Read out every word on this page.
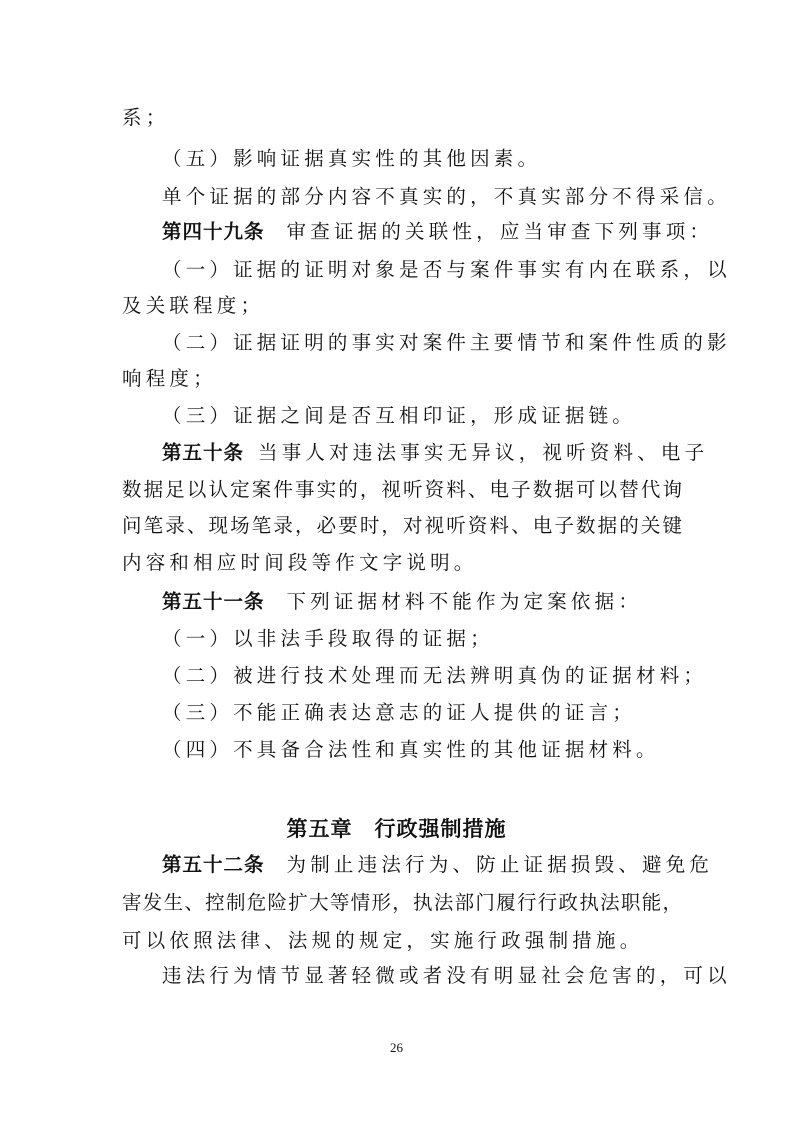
系；

（五）影响证据真实性的其他因素。

单个证据的部分内容不真实的，不真实部分不得采信。

第四十九条 审查证据的关联性，应当审查下列事项：

（一）证据的证明对象是否与案件事实有内在联系，以

及关联程度；

（二）证据证明的事实对案件主要情节和案件性质的影

响程度；

（三）证据之间是否互相印证，形成证据链。

第五十条 当事人对违法事实无异议，视听资料、电子

数据足以认定案件事实的，视听资料、电子数据可以替代询

问笔录、现场笔录，必要时，对视听资料、电子数据的关键

内容和相应时间段等作文字说明。

第五十一条 下列证据材料不能作为定案依据：

（一）以非法手段取得的证据；

（二）被进行技术处理而无法辨明真伪的证据材料；

（三）不能正确表达意志的证人提供的证言；

（四）不具备合法性和真实性的其他证据材料。

第五章 行政强制措施

第五十二条 为制止违法行为、防止证据损毁、避免危

害发生、控制危险扩大等情形，执法部门履行行政执法职能，

可以依照法律、法规的规定，实施行政强制措施。

违法行为情节显著轻微或者没有明显社会危害的，可以

26
